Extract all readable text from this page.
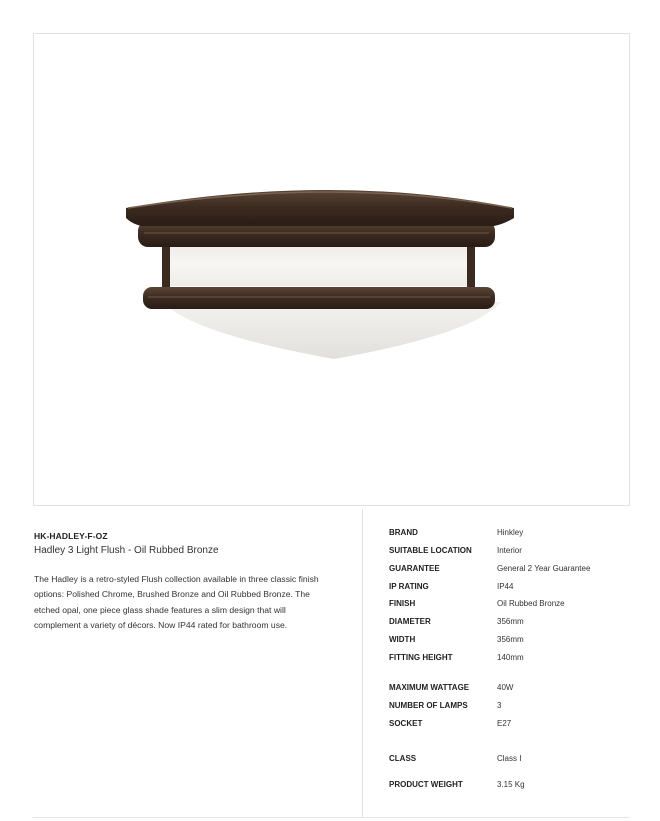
HK-HADLEY-F-OZ
Hadley 3 Light Flush - Oil Rubbed Bronze
The Hadley is a retro-styled Flush collection available in three classic finish options: Polished Chrome, Brushed Bronze and Oil Rubbed Bronze. The etched opal, one piece glass shade features a slim design that will complement a variety of décors. Now IP44 rated for bathroom use.
BRAND	Hinkley
SUITABLE LOCATION	Interior
GUARANTEE	General 2 Year Guarantee
IP RATING	IP44
FINISH	Oil Rubbed Bronze
DIAMETER	356mm
WIDTH	356mm
FITTING HEIGHT	140mm
MAXIMUM WATTAGE	40W
NUMBER OF LAMPS	3
SOCKET	E27
CLASS	Class I
PRODUCT WEIGHT	3.15 Kg
